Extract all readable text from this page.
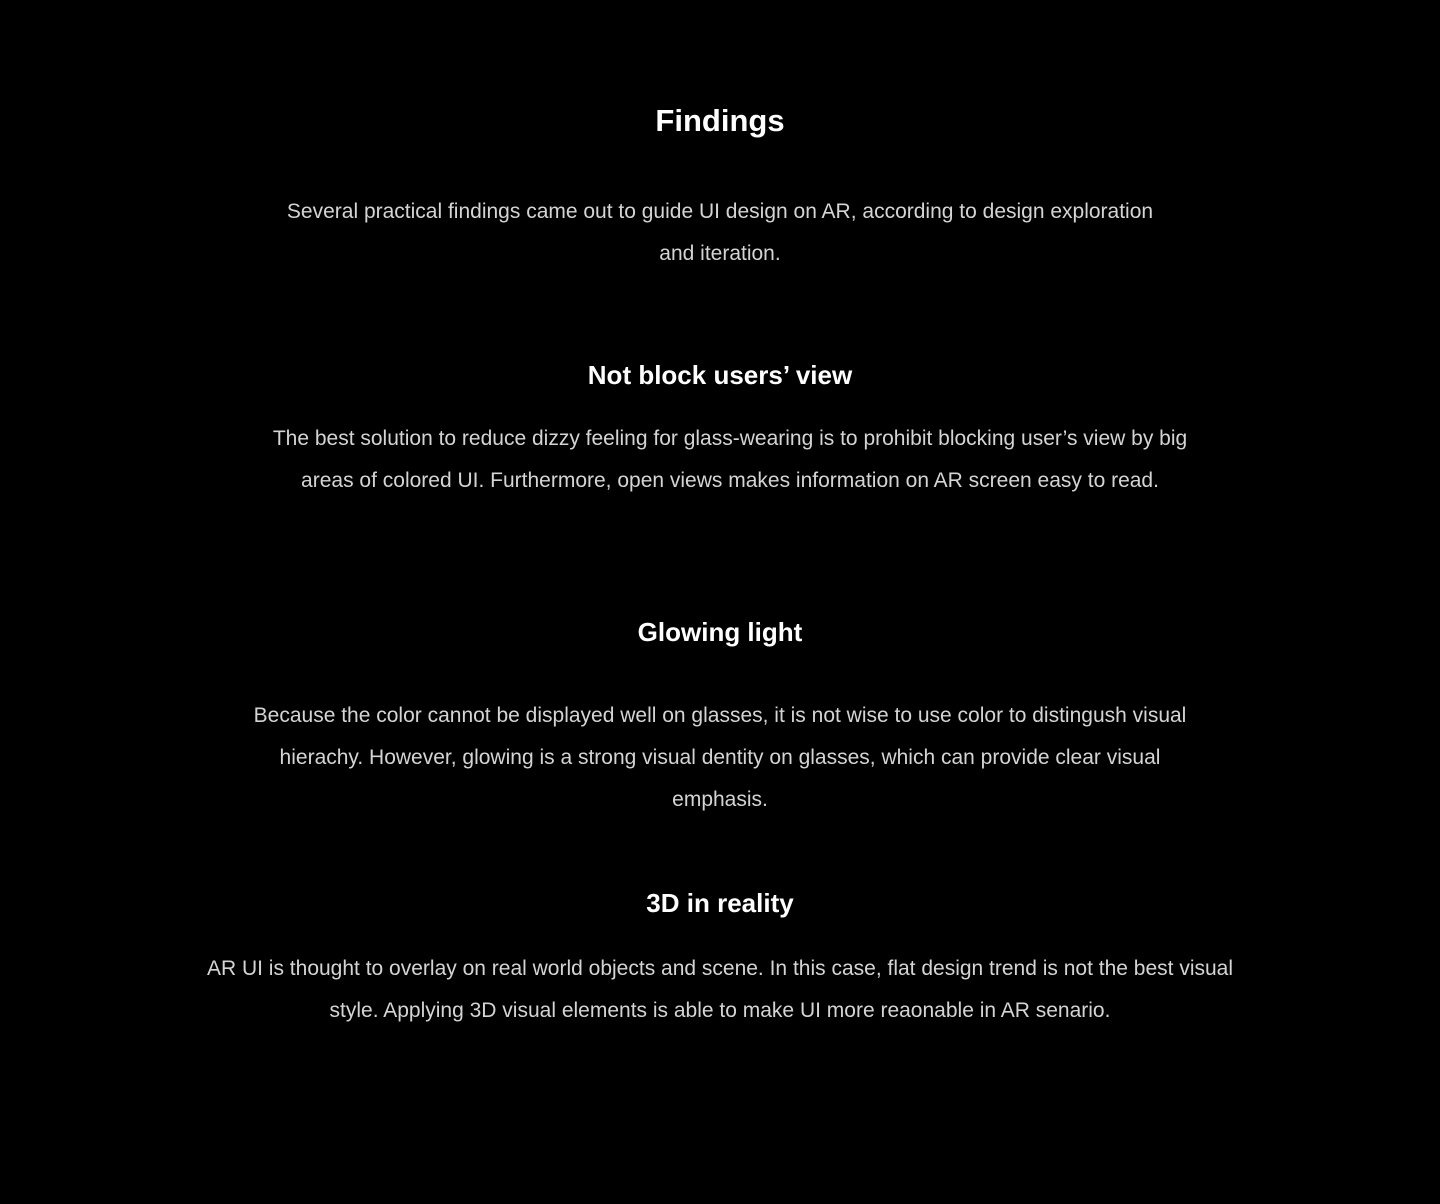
Findings

Several practical findings came out to guide UI design on AR, according to design exploration and iteration.

Not block users’ view

The best solution to reduce dizzy feeling for glass-wearing is to prohibit blocking user’s view by big areas of colored UI. Furthermore, open views makes information on AR screen easy to read.

Glowing light

Because the color cannot be displayed well on glasses, it is not wise to use color to distingush visual hierachy. However, glowing is a strong visual dentity on glasses, which can provide clear visual emphasis.

3D in reality

AR UI is thought to overlay on real world objects and scene. In this case, flat design trend is not the best visual style. Applying 3D visual elements is able to make UI more reaonable in AR senario.
